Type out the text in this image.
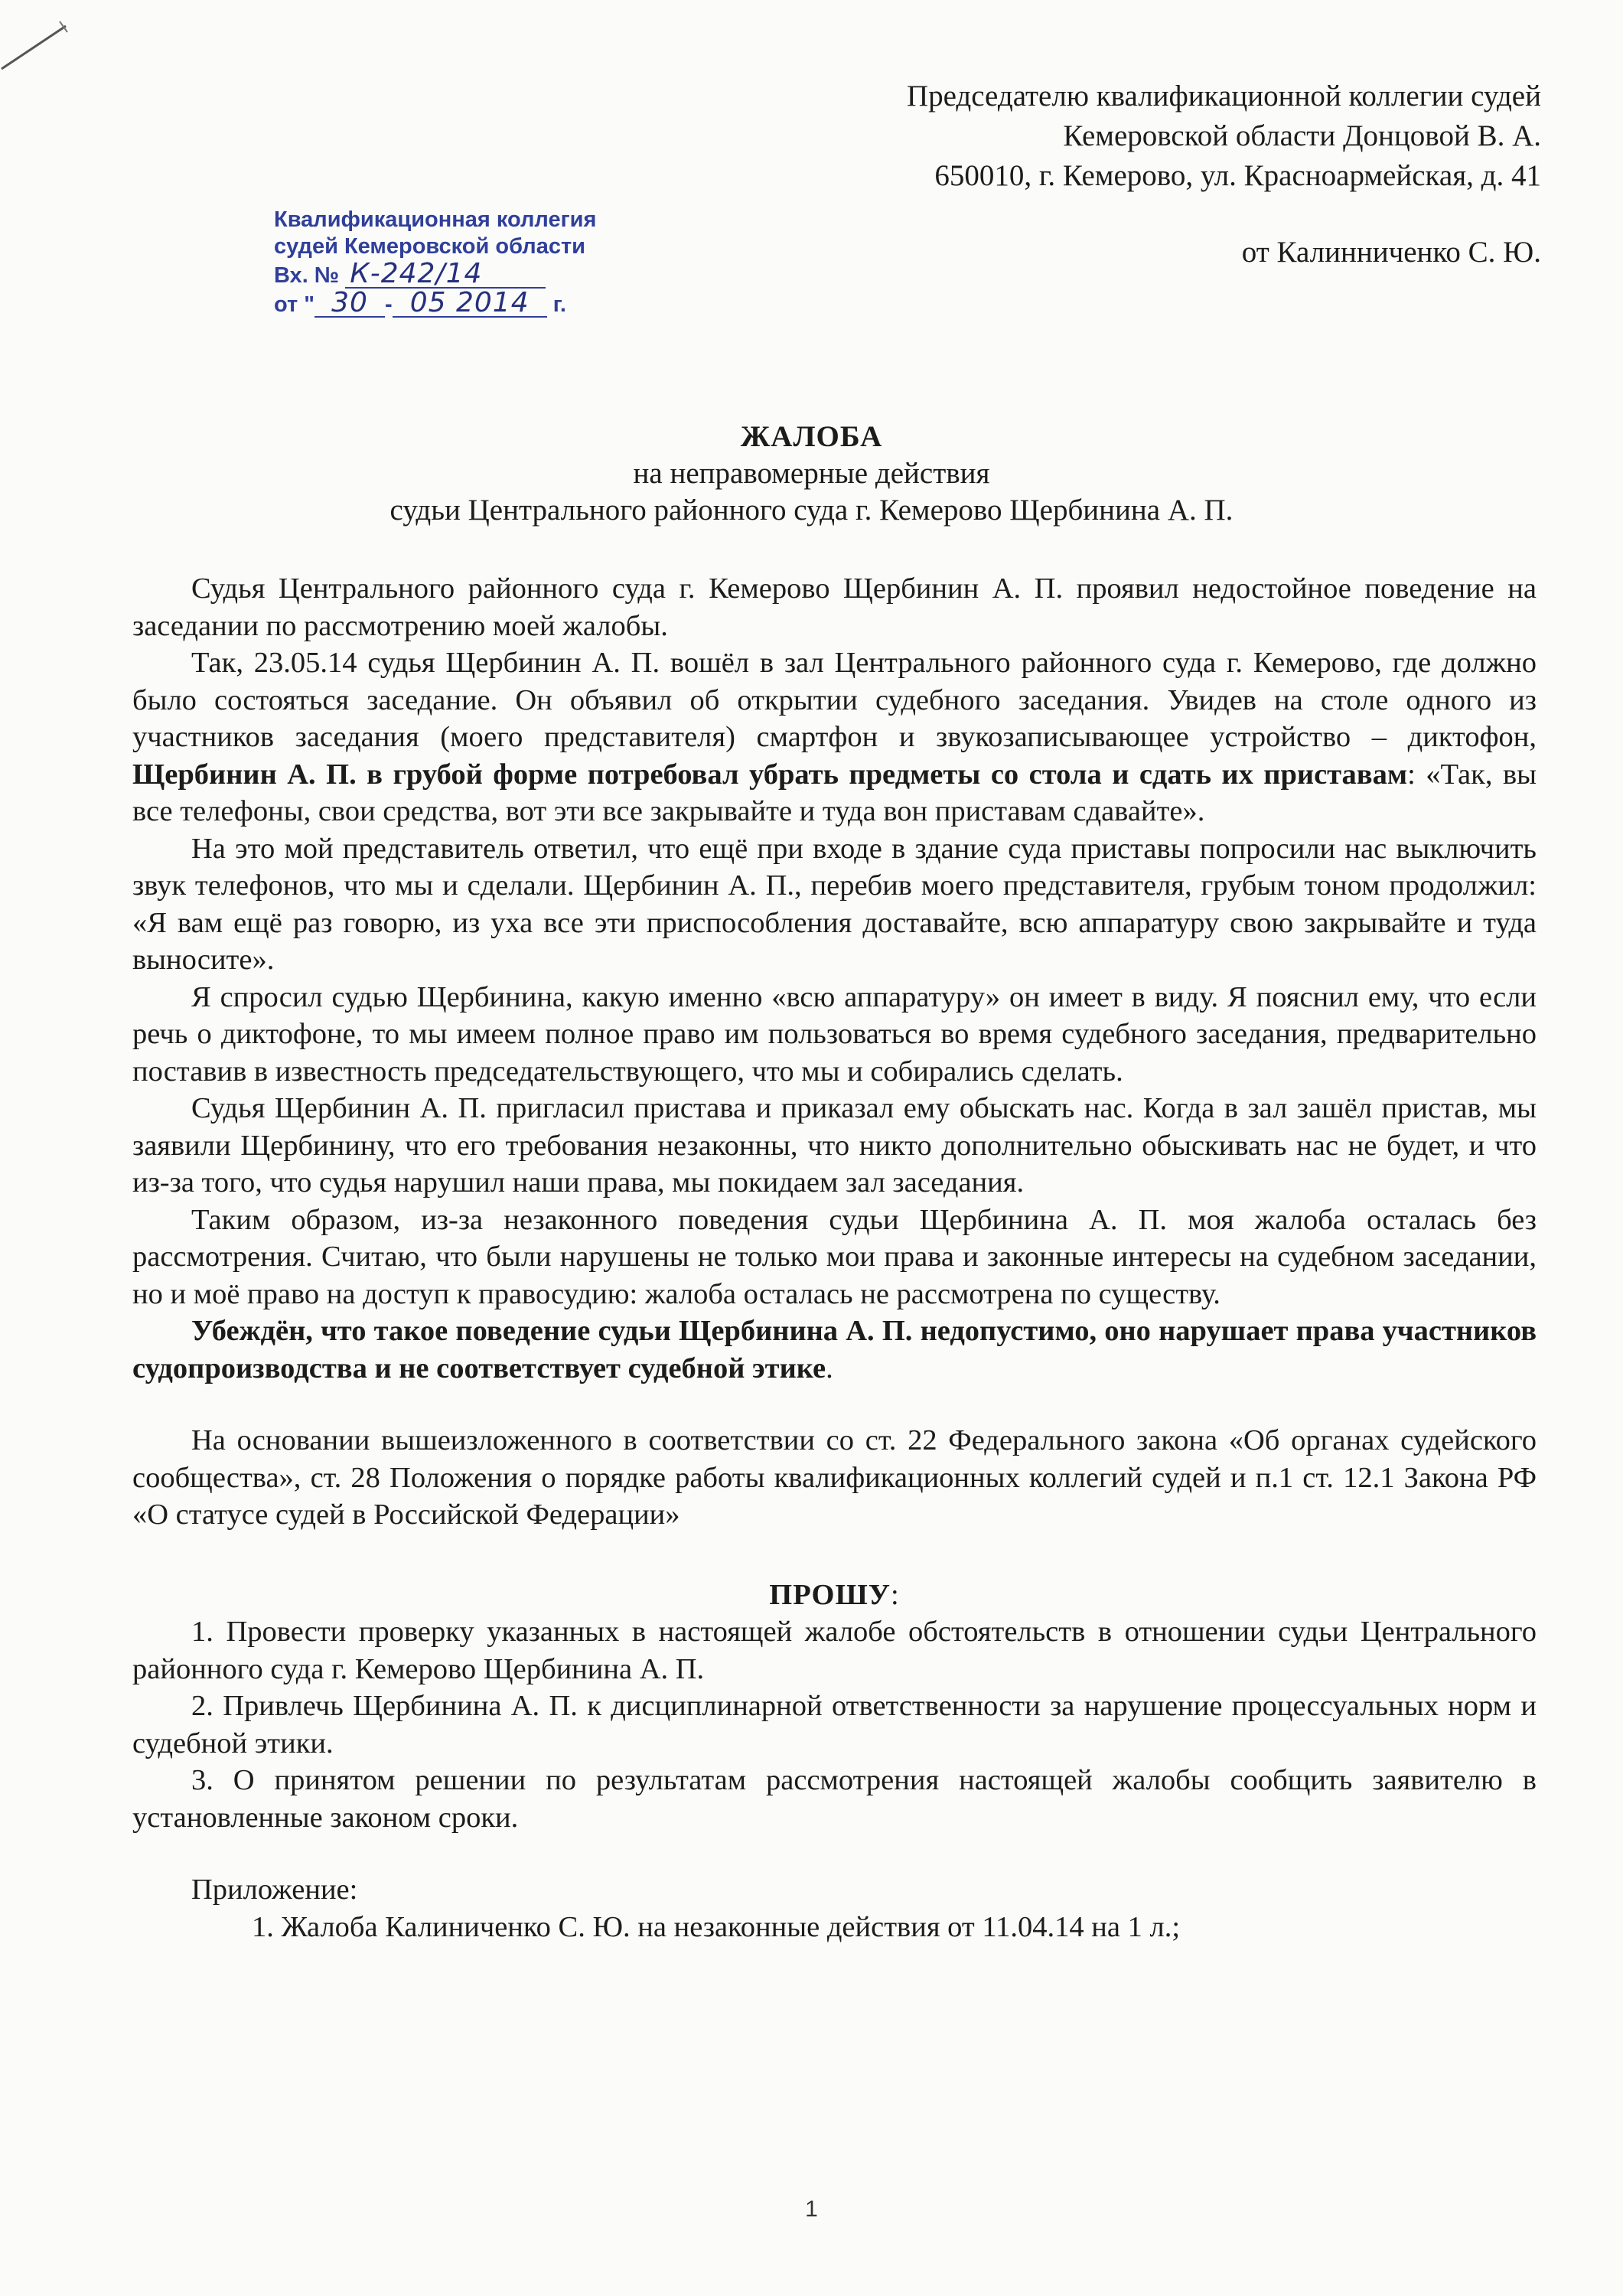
Председателю квалификационной коллегии судей
Кемеровской области Донцовой В. А.
650010, г. Кемерово, ул. Красноармейская, д. 41
от Калинниченко С. Ю.
Квалификационная коллегия
судей Кемеровской области
Вх. № К-242/14
от " 30 - 05 2014 г.
ЖАЛОБА
на неправомерные действия
судьи Центрального районного суда г. Кемерово Щербинина А. П.

Судья Центрального районного суда г. Кемерово Щербинин А. П. проявил недостойное поведение на заседании по рассмотрению моей жалобы.

Так, 23.05.14 судья Щербинин А. П. вошёл в зал Центрального районного суда г. Кемерово, где должно было состояться заседание. Он объявил об открытии судебного заседания. Увидев на столе одного из участников заседания (моего представителя) смартфон и звукозаписывающее устройство – диктофон, Щербинин А. П. в грубой форме потребовал убрать предметы со стола и сдать их приставам: «Так, вы все телефоны, свои средства, вот эти все закрывайте и туда вон приставам сдавайте».

На это мой представитель ответил, что ещё при входе в здание суда приставы попросили нас выключить звук телефонов, что мы и сделали. Щербинин А. П., перебив моего представителя, грубым тоном продолжил: «Я вам ещё раз говорю, из уха все эти приспособления доставайте, всю аппаратуру свою закрывайте и туда выносите».

Я спросил судью Щербинина, какую именно «всю аппаратуру» он имеет в виду. Я пояснил ему, что если речь о диктофоне, то мы имеем полное право им пользоваться во время судебного заседания, предварительно поставив в известность председательствующего, что мы и собирались сделать.

Судья Щербинин А. П. пригласил пристава и приказал ему обыскать нас. Когда в зал зашёл пристав, мы заявили Щербинину, что его требования незаконны, что никто дополнительно обыскивать нас не будет, и что из-за того, что судья нарушил наши права, мы покидаем зал заседания.

Таким образом, из-за незаконного поведения судьи Щербинина А. П. моя жалоба осталась без рассмотрения. Считаю, что были нарушены не только мои права и законные интересы на судебном заседании, но и моё право на доступ к правосудию: жалоба осталась не рассмотрена по существу.

Убеждён, что такое поведение судьи Щербинина А. П. недопустимо, оно нарушает права участников судопроизводства и не соответствует судебной этике.

На основании вышеизложенного в соответствии со ст. 22 Федерального закона «Об органах судейского сообщества», ст. 28 Положения о порядке работы квалификационных коллегий судей и п.1 ст. 12.1 Закона РФ «О статусе судей в Российской Федерации»

ПРОШУ:

1. Провести проверку указанных в настоящей жалобе обстоятельств в отношении судьи Центрального районного суда г. Кемерово Щербинина А. П.

2. Привлечь Щербинина А. П. к дисциплинарной ответственности за нарушение процессуальных норм и судебной этики.

3. О принятом решении по результатам рассмотрения настоящей жалобы сообщить заявителю в установленные законом сроки.

Приложение:

1. Жалоба Калиниченко С. Ю. на незаконные действия от 11.04.14 на 1 л.;

1
